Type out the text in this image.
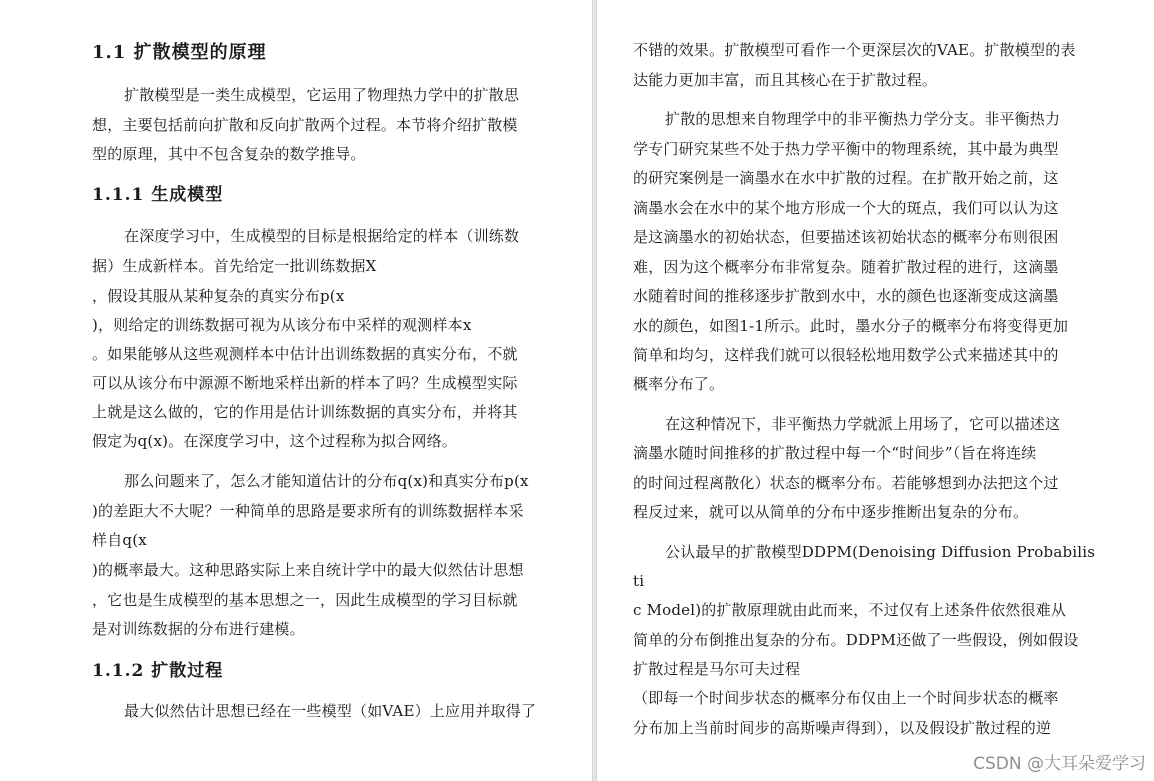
1.1 扩散模型的原理
扩散模型是一类生成模型，它运用了物理热力学中的扩散思
想，主要包括前向扩散和反向扩散两个过程。本节将介绍扩散模
型的原理，其中不包含复杂的数学推导。
1.1.1 生成模型
在深度学习中，生成模型的目标是根据给定的样本（训练数
据）生成新样本。首先给定一批训练数据X
，假设其服从某种复杂的真实分布p(x
)，则给定的训练数据可视为从该分布中采样的观测样本x
。如果能够从这些观测样本中估计出训练数据的真实分布，不就
可以从该分布中源源不断地采样出新的样本了吗？生成模型实际
上就是这么做的，它的作用是估计训练数据的真实分布，并将其
假定为q(x)。在深度学习中，这个过程称为拟合网络。
那么问题来了，怎么才能知道估计的分布q(x)和真实分布p(x
)的差距大不大呢？一种简单的思路是要求所有的训练数据样本采
样自q(x
)的概率最大。这种思路实际上来自统计学中的最大似然估计思想
，它也是生成模型的基本思想之一，因此生成模型的学习目标就
是对训练数据的分布进行建模。
1.1.2 扩散过程
最大似然估计思想已经在一些模型（如VAE）上应用并取得了
不错的效果。扩散模型可看作一个更深层次的VAE。扩散模型的表
达能力更加丰富，而且其核心在于扩散过程。
扩散的思想来自物理学中的非平衡热力学分支。非平衡热力
学专门研究某些不处于热力学平衡中的物理系统，其中最为典型
的研究案例是一滴墨水在水中扩散的过程。在扩散开始之前，这
滴墨水会在水中的某个地方形成一个大的斑点，我们可以认为这
是这滴墨水的初始状态，但要描述该初始状态的概率分布则很困
难，因为这个概率分布非常复杂。随着扩散过程的进行，这滴墨
水随着时间的推移逐步扩散到水中，水的颜色也逐渐变成这滴墨
水的颜色，如图1-1所示。此时，墨水分子的概率分布将变得更加
简单和均匀，这样我们就可以很轻松地用数学公式来描述其中的
概率分布了。
在这种情况下，非平衡热力学就派上用场了，它可以描述这
滴墨水随时间推移的扩散过程中每一个“时间步”（旨在将连续
的时间过程离散化）状态的概率分布。若能够想到办法把这个过
程反过来，就可以从简单的分布中逐步推断出复杂的分布。
公认最早的扩散模型DDPM(Denoising Diffusion Probabilis
ti
c Model)的扩散原理就由此而来，不过仅有上述条件依然很难从
简单的分布倒推出复杂的分布。DDPM还做了一些假设，例如假设
扩散过程是马尔可夫过程
（即每一个时间步状态的概率分布仅由上一个时间步状态的概率
分布加上当前时间步的高斯噪声得到），以及假设扩散过程的逆
CSDN @大耳朵爱学习
